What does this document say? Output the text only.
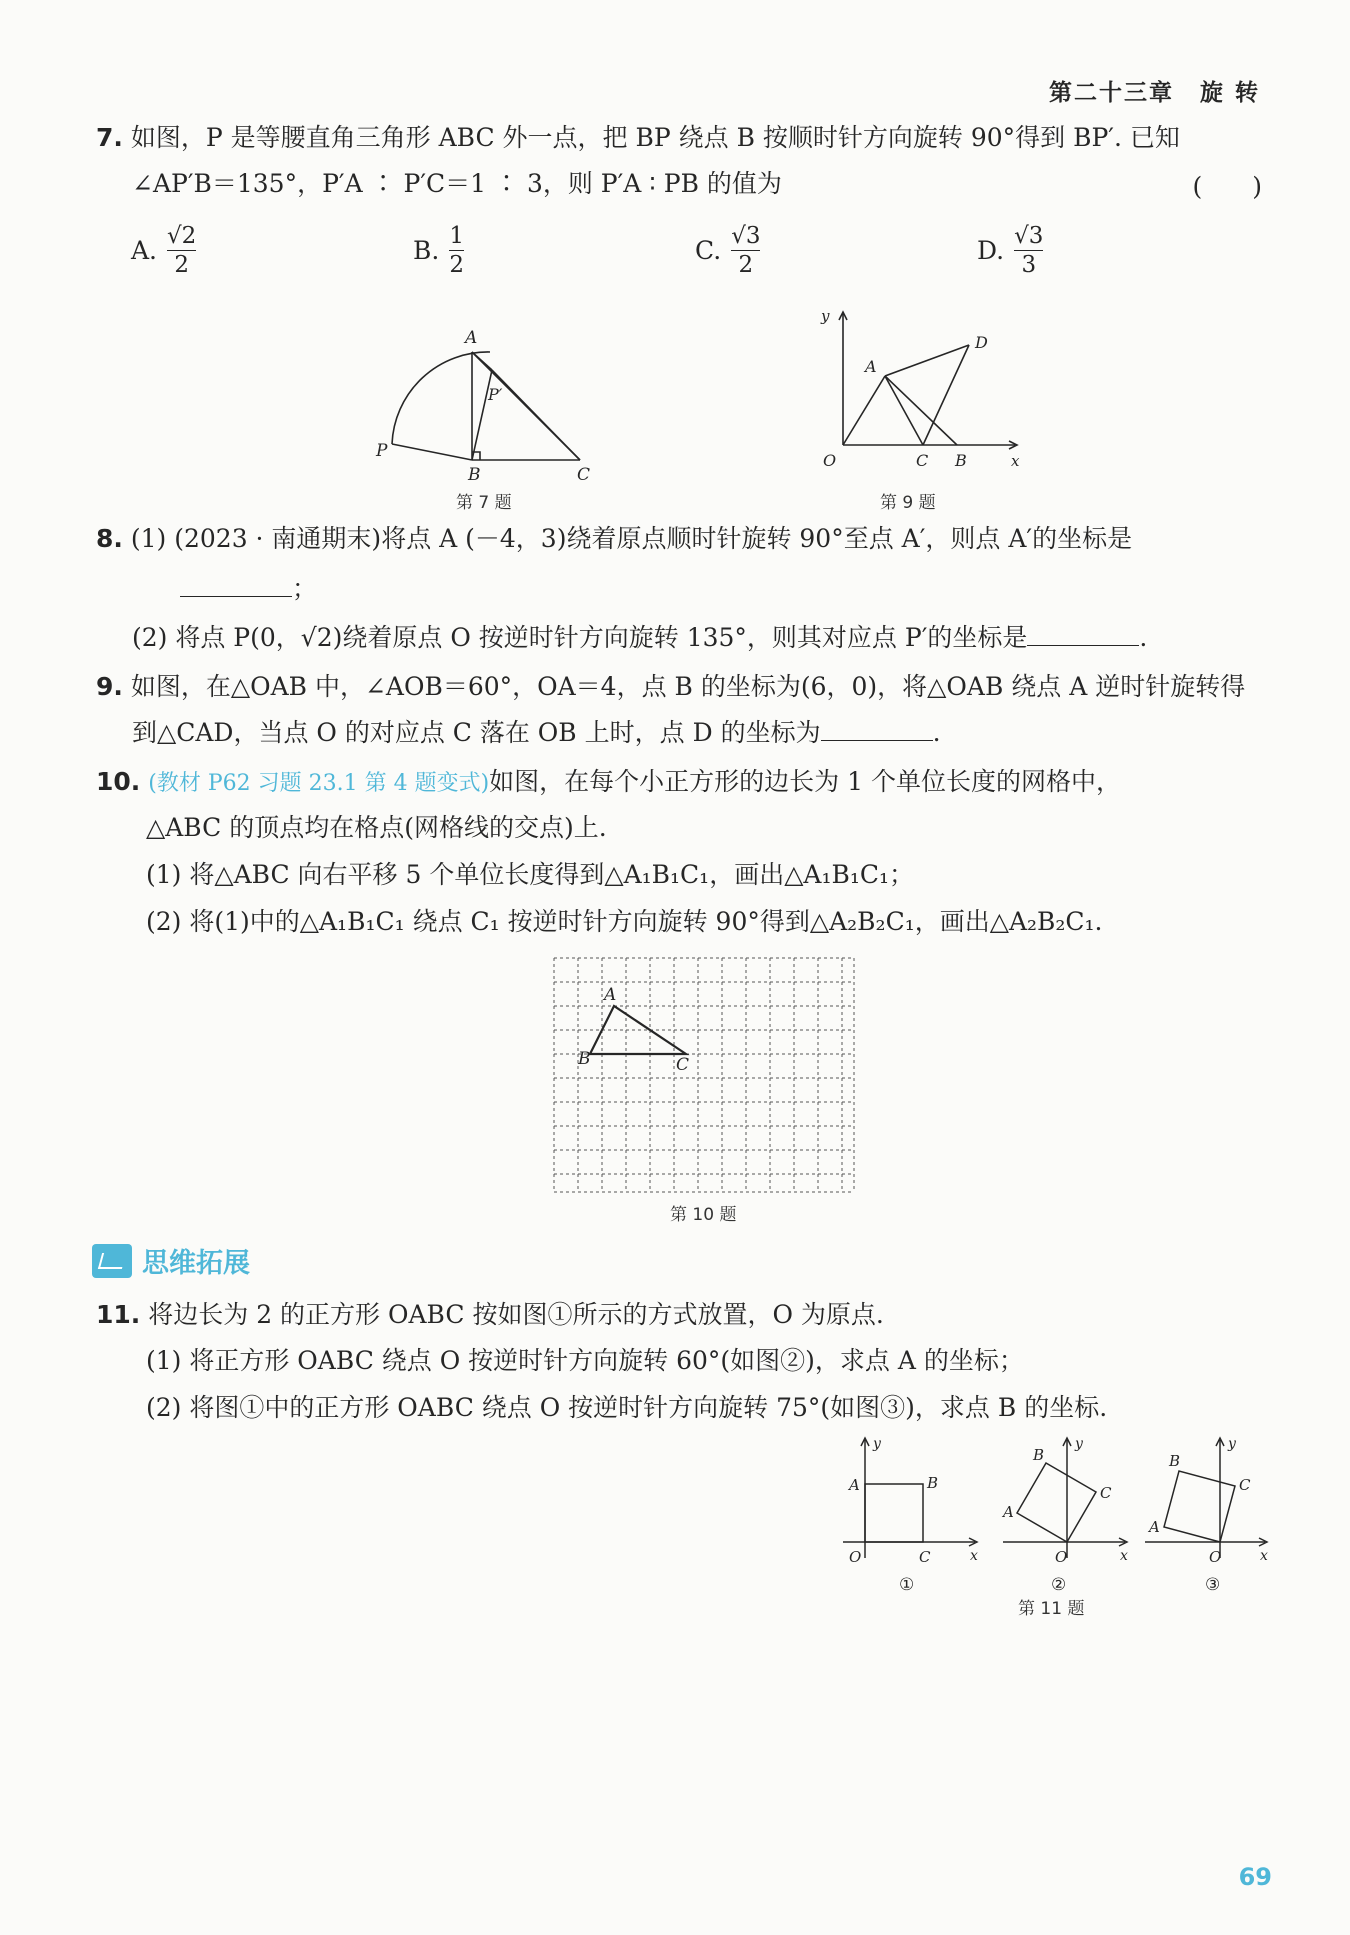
第二十三章 旋 转
7. 如图，P 是等腰直角三角形 ABC 外一点，把 BP 绕点 B 按顺时针方向旋转 90°得到 BP′. 已知
∠AP′B＝135°，P′A ∶ P′C＝1 ∶ 3，则 P′A ∶ PB 的值为	(　　)
A. $\frac{√2}{2}$	B. $\frac{1}{2}$	C. $\frac{√3}{2}$	D. $\frac{√3}{3}$
A
B	C
P
P′
第 7 题
y
x
O
A
C B
D
第 9 题
8. (1) (2023 · 南通期末)将点 A (－4，3)绕着原点顺时针旋转 90°至点 A′，则点 A′的坐标是
；
(2) 将点 P(0，√2)绕着原点 O 按逆时针方向旋转 135°，则其对应点 P′的坐标是	.
9. 如图，在△OAB 中，∠AOB＝60°，OA＝4，点 B 的坐标为(6，0)，将△OAB 绕点 A 逆时针旋转得
到△CAD，当点 O 的对应点 C 落在 OB 上时，点 D 的坐标为	.
10. (教材 P62 习题 23.1 第 4 题变式)如图，在每个小正方形的边长为 1 个单位长度的网格中，
△ABC 的顶点均在格点(网格线的交点)上.
(1) 将△ABC 向右平移 5 个单位长度得到△A₁B₁C₁，画出△A₁B₁C₁；
(2) 将(1)中的△A₁B₁C₁ 绕点 C₁ 按逆时针方向旋转 90°得到△A₂B₂C₁，画出△A₂B₂C₁.
A
B	C
第 10 题
思维拓展
11. 将边长为 2 的正方形 OABC 按如图①所示的方式放置，O 为原点.
(1) 将正方形 OABC 绕点 O 按逆时针方向旋转 60°(如图②)，求点 A 的坐标；
(2) 将图①中的正方形 OABC 绕点 O 按逆时针方向旋转 75°(如图③)，求点 B 的坐标.
y
x
O
A	B
C
①
y
x
O
A
B
C
②
y
x
O
A
B
C
③
第 11 题
69
